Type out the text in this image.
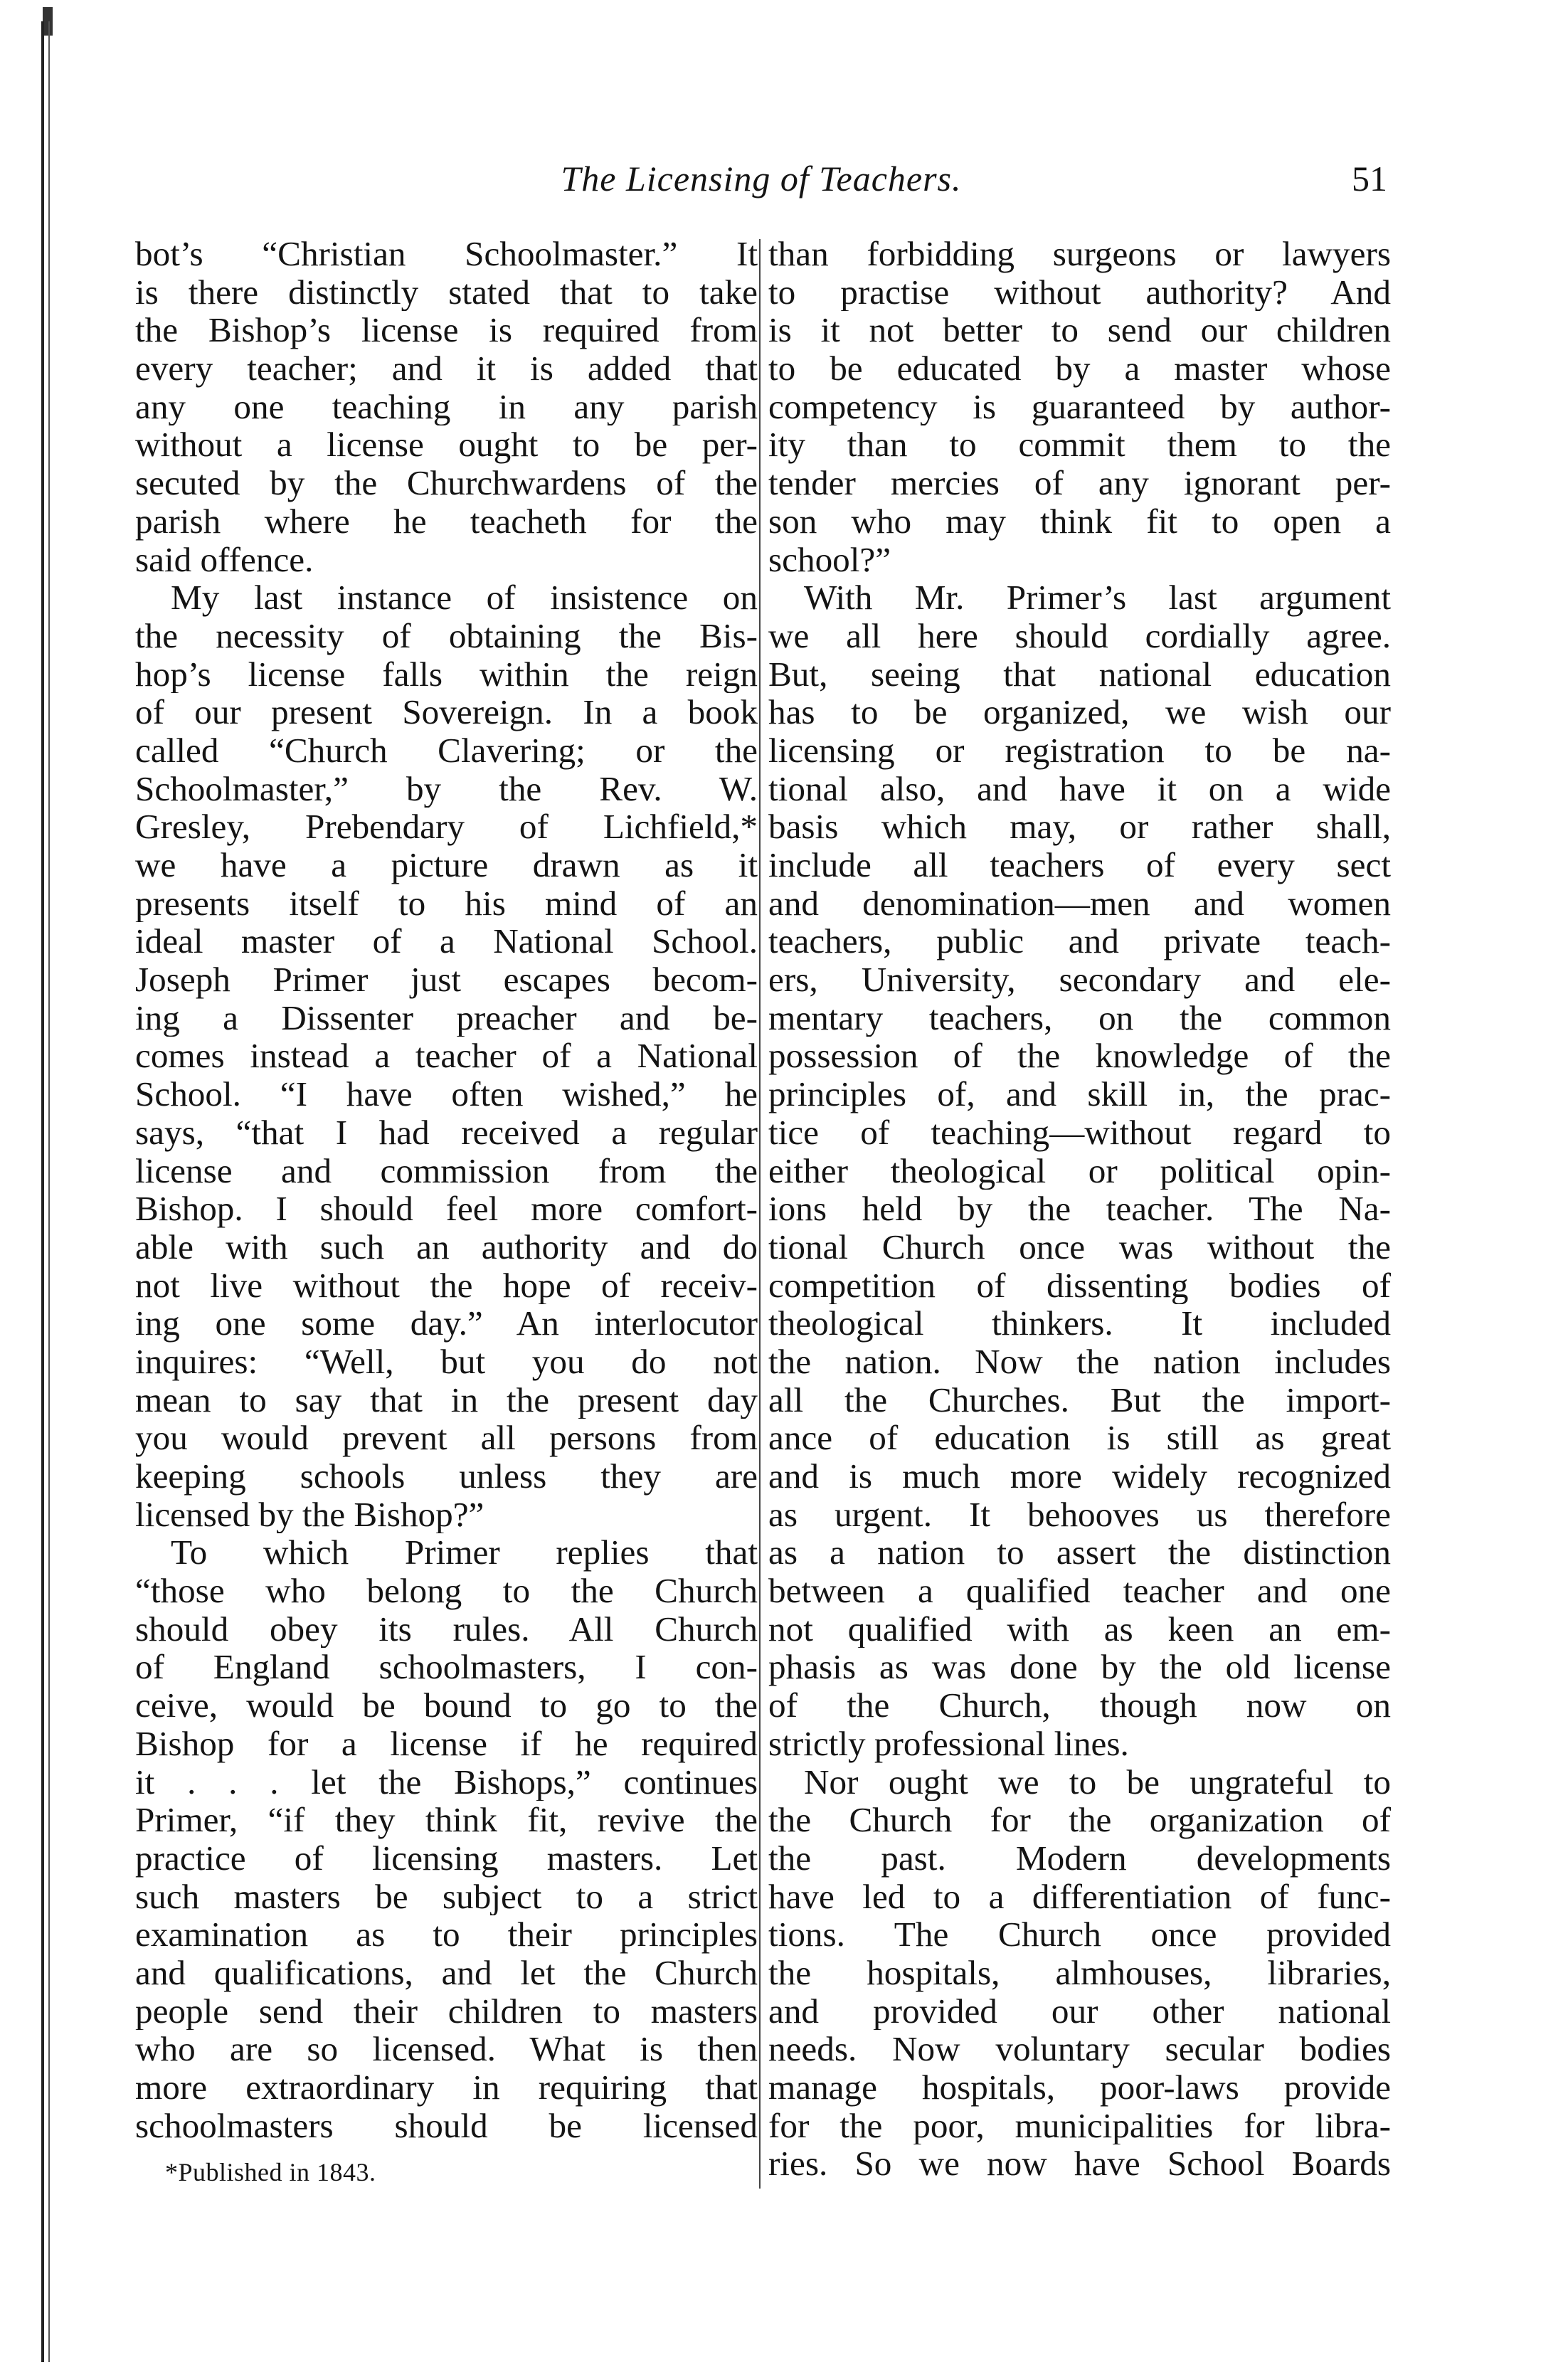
The Licensing of Teachers.	51
bot’s “Christian Schoolmaster.” It
is there distinctly stated that to take
the Bishop’s license is required from
every teacher; and it is added that
any one teaching in any parish
without a license ought to be per-
secuted by the Churchwardens of the
parish where he teacheth for the
said offence.
My last instance of insistence on
the necessity of obtaining the Bis-
hop’s license falls within the reign
of our present Sovereign. In a book
called “Church Clavering; or the
Schoolmaster,” by the Rev. W.
Gresley, Prebendary of Lichfield,*
we have a picture drawn as it
presents itself to his mind of an
ideal master of a National School.
Joseph Primer just escapes becom-
ing a Dissenter preacher and be-
comes instead a teacher of a National
School. “I have often wished,” he
says, “that I had received a regular
license and commission from the
Bishop. I should feel more comfort-
able with such an authority and do
not live without the hope of receiv-
ing one some day.” An interlocutor
inquires: “Well, but you do not
mean to say that in the present day
you would prevent all persons from
keeping schools unless they are
licensed by the Bishop?”
To which Primer replies that
“those who belong to the Church
should obey its rules. All Church
of England schoolmasters, I con-
ceive, would be bound to go to the
Bishop for a license if he required
it . . . let the Bishops,” continues
Primer, “if they think fit, revive the
practice of licensing masters. Let
such masters be subject to a strict
examination as to their principles
and qualifications, and let the Church
people send their children to masters
who are so licensed. What is then
more extraordinary in requiring that
schoolmasters should be licensed
than forbidding surgeons or lawyers
to practise without authority? And
is it not better to send our children
to be educated by a master whose
competency is guaranteed by author-
ity than to commit them to the
tender mercies of any ignorant per-
son who may think fit to open a
school?”
With Mr. Primer’s last argument
we all here should cordially agree.
But, seeing that national education
has to be organized, we wish our
licensing or registration to be na-
tional also, and have it on a wide
basis which may, or rather shall,
include all teachers of every sect
and denomination—men and women
teachers, public and private teach-
ers, University, secondary and ele-
mentary teachers, on the common
possession of the knowledge of the
principles of, and skill in, the prac-
tice of teaching—without regard to
either theological or political opin-
ions held by the teacher. The Na-
tional Church once was without the
competition of dissenting bodies of
theological thinkers. It included
the nation. Now the nation includes
all the Churches. But the import-
ance of education is still as great
and is much more widely recognized
as urgent. It behooves us therefore
as a nation to assert the distinction
between a qualified teacher and one
not qualified with as keen an em-
phasis as was done by the old license
of the Church, though now on
strictly professional lines.
Nor ought we to be ungrateful to
the Church for the organization of
the past. Modern developments
have led to a differentiation of func-
tions. The Church once provided
the hospitals, almhouses, libraries,
and provided our other national
needs. Now voluntary secular bodies
manage hospitals, poor-laws provide
for the poor, municipalities for libra-
ries. So we now have School Boards
*Published in 1843.
